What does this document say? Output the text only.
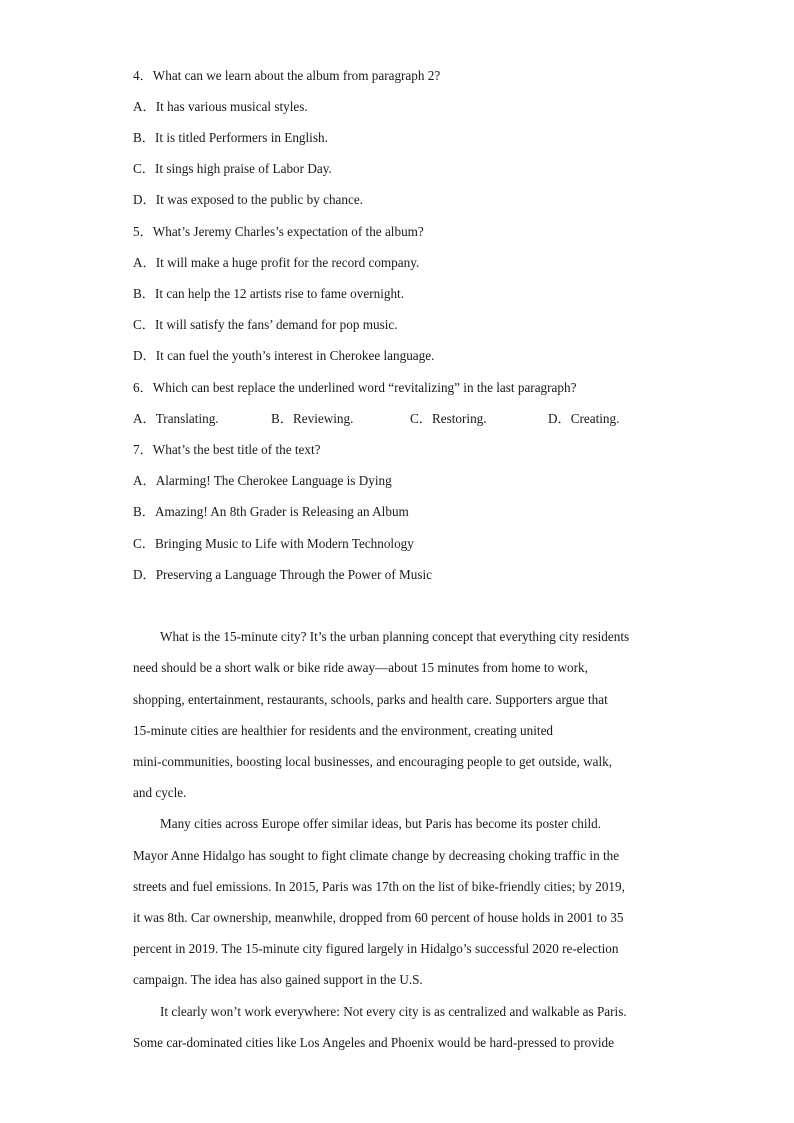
4．What can we learn about the album from paragraph 2?
A．It has various musical styles.
B．It is titled Performers in English.
C．It sings high praise of Labor Day.
D．It was exposed to the public by chance.
5．What’s Jeremy Charles’s expectation of the album?
A．It will make a huge profit for the record company.
B．It can help the 12 artists rise to fame overnight.
C．It will satisfy the fans’ demand for pop music.
D．It can fuel the youth’s interest in Cherokee language.
6．Which can best replace the underlined word “revitalizing” in the last paragraph?
A．Translating.	B．Reviewing.	C．Restoring.	D．Creating.
7．What’s the best title of the text?
A．Alarming! The Cherokee Language is Dying
B．Amazing! An 8th Grader is Releasing an Album
C．Bringing Music to Life with Modern Technology
D．Preserving a Language Through the Power of Music
What is the 15-minute city? It’s the urban planning concept that everything city residents
need should be a short walk or bike ride away—about 15 minutes from home to work,
shopping, entertainment, restaurants, schools, parks and health care. Supporters argue that
15-minute cities are healthier for residents and the environment, creating united
mini-communities, boosting local businesses, and encouraging people to get outside, walk,
and cycle.
Many cities across Europe offer similar ideas, but Paris has become its poster child.
Mayor Anne Hidalgo has sought to fight climate change by decreasing choking traffic in the
streets and fuel emissions. In 2015, Paris was 17th on the list of bike-friendly cities; by 2019,
it was 8th. Car ownership, meanwhile, dropped from 60 percent of house holds in 2001 to 35
percent in 2019. The 15-minute city figured largely in Hidalgo’s successful 2020 re-election
campaign. The idea has also gained support in the U.S.
It clearly won’t work everywhere: Not every city is as centralized and walkable as Paris.
Some car-dominated cities like Los Angeles and Phoenix would be hard-pressed to provide
